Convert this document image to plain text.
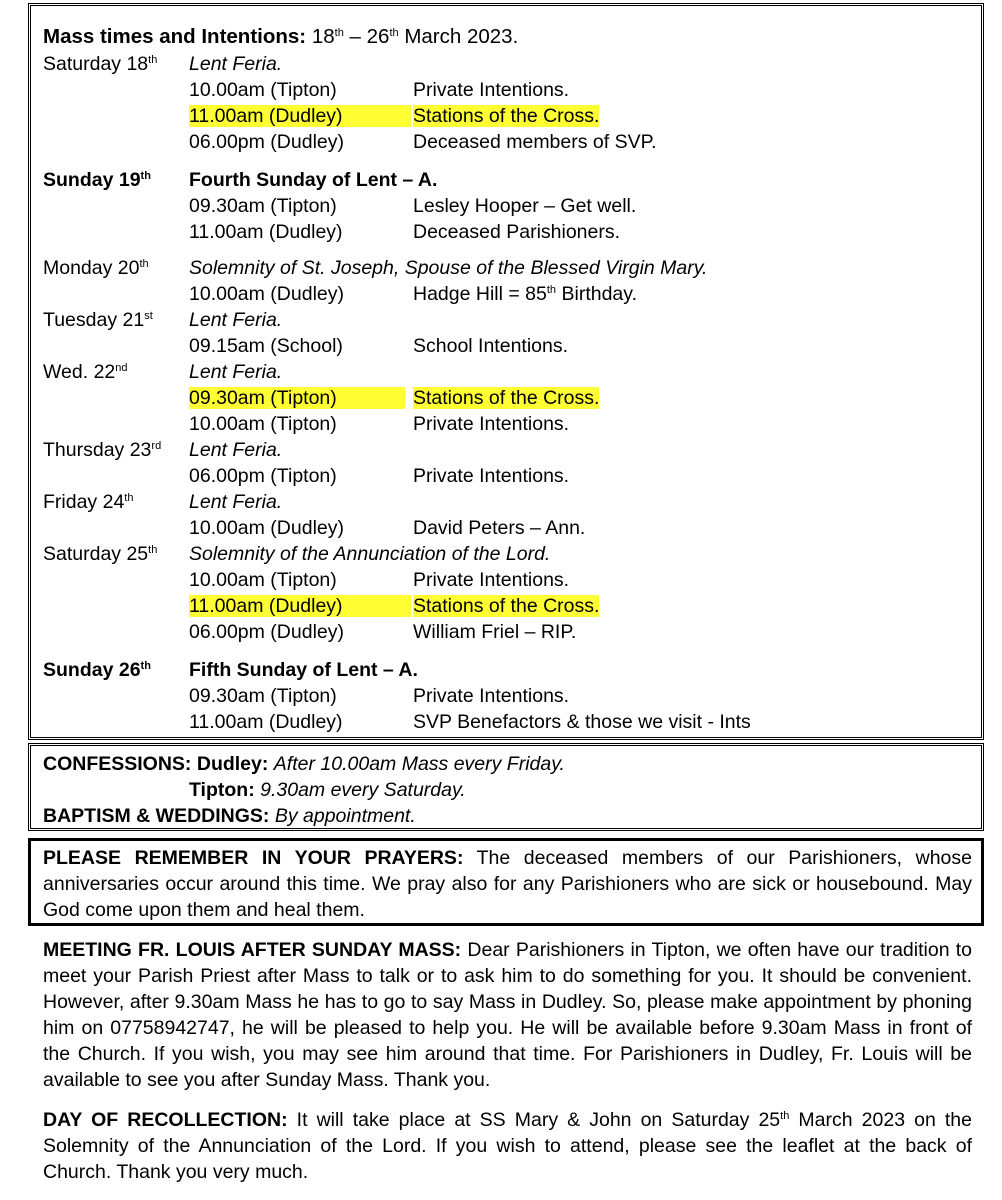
Mass times and Intentions: 18th – 26th March 2023.
Saturday 18th Lent Feria.
10.00am (Tipton)	Private Intentions.
11.00am (Dudley)	Stations of the Cross.
06.00pm (Dudley)	Deceased members of SVP.
Sunday 19th Fourth Sunday of Lent – A.
09.30am (Tipton)	Lesley Hooper – Get well.
11.00am (Dudley)	Deceased Parishioners.
Monday 20th Solemnity of St. Joseph, Spouse of the Blessed Virgin Mary.
10.00am (Dudley)	Hadge Hill = 85th Birthday.
Tuesday 21st Lent Feria.
09.15am (School)	School Intentions.
Wed. 22nd	Lent Feria.
09.30am (Tipton)	Stations of the Cross.
10.00am (Tipton)	Private Intentions.
Thursday 23rd Lent Feria.
06.00pm (Tipton)	Private Intentions.
Friday 24th	Lent Feria.
10.00am (Dudley)	David Peters – Ann.
Saturday 25th Solemnity of the Annunciation of the Lord.
10.00am (Tipton)	Private Intentions.
11.00am (Dudley)	Stations of the Cross.
06.00pm (Dudley)	William Friel – RIP.
Sunday 26th Fifth Sunday of Lent – A.
09.30am (Tipton)	Private Intentions.
11.00am (Dudley)	SVP Benefactors & those we visit - Ints
CONFESSIONS: Dudley: After 10.00am Mass every Friday.
Tipton: 9.30am every Saturday.
BAPTISM & WEDDINGS: By appointment.

PLEASE REMEMBER IN YOUR PRAYERS: The deceased members of our Parishioners, whose anniversaries occur around this time. We pray also for any Parishioners who are sick or housebound. May God come upon them and heal them.

MEETING FR. LOUIS AFTER SUNDAY MASS: Dear Parishioners in Tipton, we often have our tradition to meet your Parish Priest after Mass to talk or to ask him to do something for you. It should be convenient. However, after 9.30am Mass he has to go to say Mass in Dudley. So, please make appointment by phoning him on 07758942747, he will be pleased to help you. He will be available before 9.30am Mass in front of the Church. If you wish, you may see him around that time. For Parishioners in Dudley, Fr. Louis will be available to see you after Sunday Mass. Thank you.

DAY OF RECOLLECTION: It will take place at SS Mary & John on Saturday 25th March 2023 on the Solemnity of the Annunciation of the Lord. If you wish to attend, please see the leaflet at the back of Church. Thank you very much.
